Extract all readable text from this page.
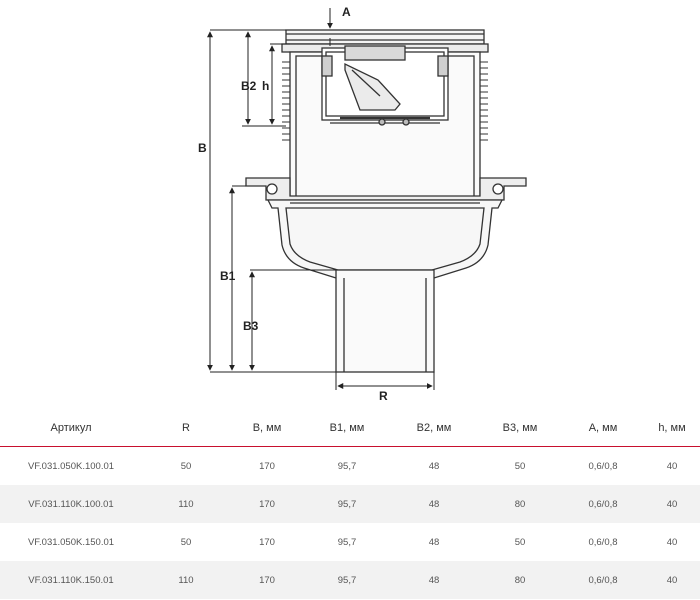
A
B
B2 h
B1
B3
R
Артикул	R	B, мм	B1, мм	B2, мм	B3, мм	A, мм	h, мм
VF.031.050K.100.01	50	170	95,7	48	50	0,6/0,8	40
VF.031.110K.100.01	110	170	95,7	48	80	0,6/0,8	40
VF.031.050K.150.01	50	170	95,7	48	50	0,6/0,8	40
VF.031.110K.150.01	110	170	95,7	48	80	0,6/0,8	40
